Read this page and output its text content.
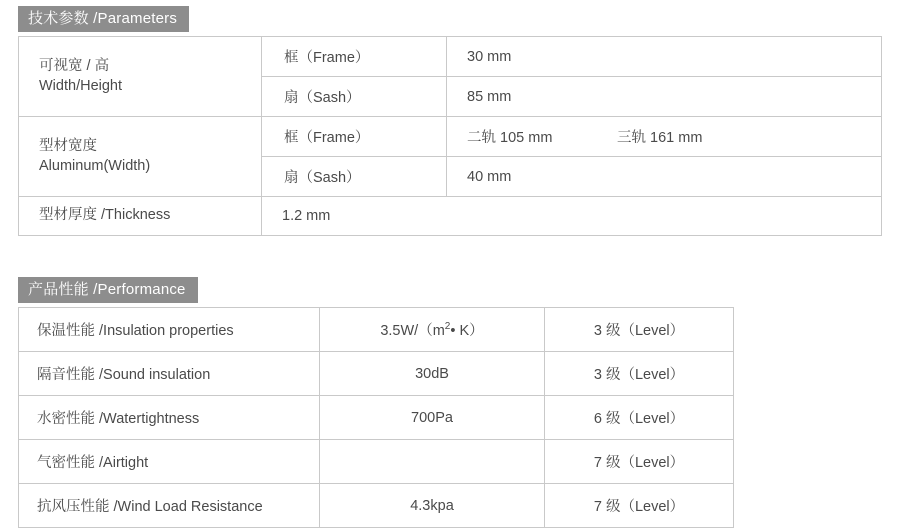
技术参数 /Parameters
可视宽 / 高
Width/Height	框（Frame）	30 mm
	扇（Sash）	85 mm
型材宽度
Aluminum(Width)	框（Frame）	二轨 105 mm 三轨 161 mm
	扇（Sash）	40 mm
型材厚度 /Thickness	1.2 mm	
产品性能 /Performance
保温性能 /Insulation properties	$3.5W/(m^2•$ K）	3 级（Level）
隔音性能 /Sound insulation	30dB	3 级（Level）
水密性能 /Watertightness	700Pa	6 级（Level）
气密性能 /Airtight		7 级（Level）
抗风压性能 /Wind Load Resistance	4.3kpa	7 级（Level）
